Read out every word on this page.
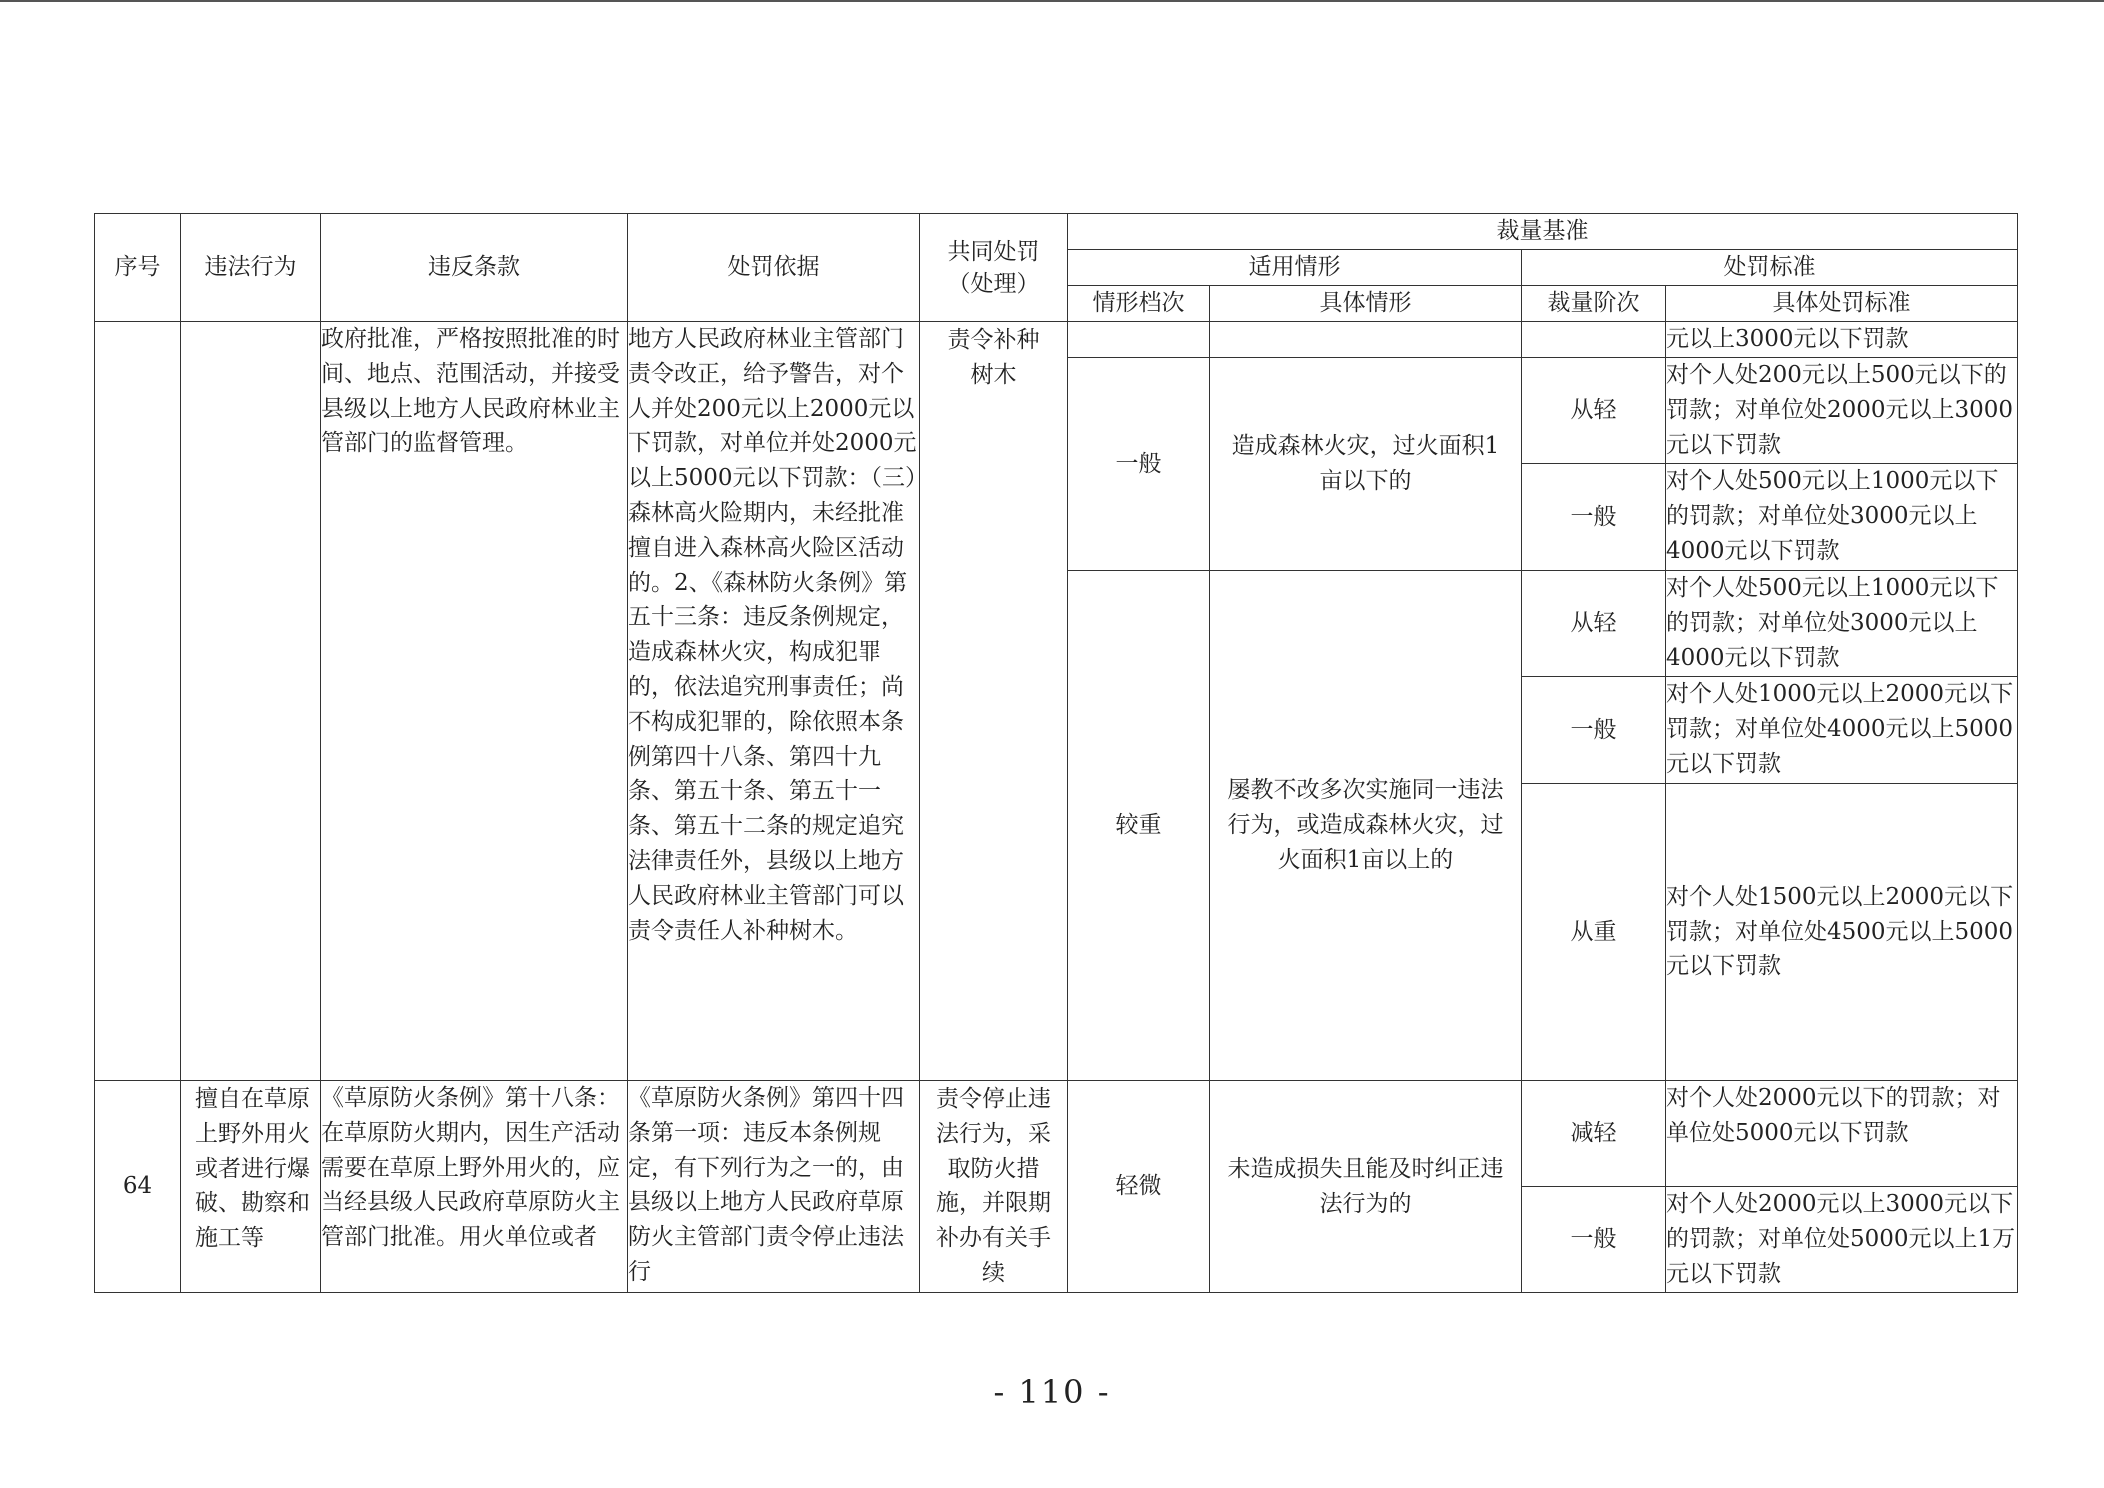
序号	违法行为	违反条款	处罚依据	共同处罚（处理）	裁量基准			
					适用情形		处罚标准	
					情形档次	具体情形	裁量阶次	具体处罚标准
		政府批准，严格按照批准的时间、地点、范围活动，并接受县级以上地方人民政府林业主管部门的监督管理。	地方人民政府林业主管部门责令改正，给予警告，对个人并处200元以上2000元以下罚款，对单位并处2000元以上5000元以下罚款：（三）森林高火险期内，未经批准擅自进入森林高火险区活动的。2、《森林防火条例》第五十三条：违反条例规定，造成森林火灾，构成犯罪的，依法追究刑事责任；尚不构成犯罪的，除依照本条例第四十八条、第四十九条、第五十条、第五十一条、第五十二条的规定追究法律责任外，县级以上地方人民政府林业主管部门可以责令责任人补种树木。	责令补种树木				元以上3000元以下罚款
					一般	造成森林火灾，过火面积1亩以下的	从轻	对个人处200元以上500元以下的罚款；对单位处2000元以上3000元以下罚款
							一般	对个人处500元以上1000元以下的罚款；对单位处3000元以上4000元以下罚款
					较重	屡教不改多次实施同一违法行为，或造成森林火灾，过火面积1亩以上的	从轻	对个人处500元以上1000元以下的罚款；对单位处3000元以上4000元以下罚款
							一般	对个人处1000元以上2000元以下罚款；对单位处4000元以上5000元以下罚款
							从重	对个人处1500元以上2000元以下罚款；对单位处4500元以上5000元以下罚款

64	擅自在草原上野外用火或者进行爆破、勘察和施工等	《草原防火条例》第十八条：在草原防火期内，因生产活动需要在草原上野外用火的，应当经县级人民政府草原防火主管部门批准。用火单位或者	《草原防火条例》第四十四条第一项：违反本条例规定，有下列行为之一的，由县级以上地方人民政府草原防火主管部门责令停止违法行	责令停止违法行为，采取防火措施，并限期补办有关手续	轻微	未造成损失且能及时纠正违法行为的	减轻	对个人处2000元以下的罚款；对单位处5000元以下罚款
							一般	对个人处2000元以上3000元以下的罚款；对单位处5000元以上1万元以下罚款
- 110 -
